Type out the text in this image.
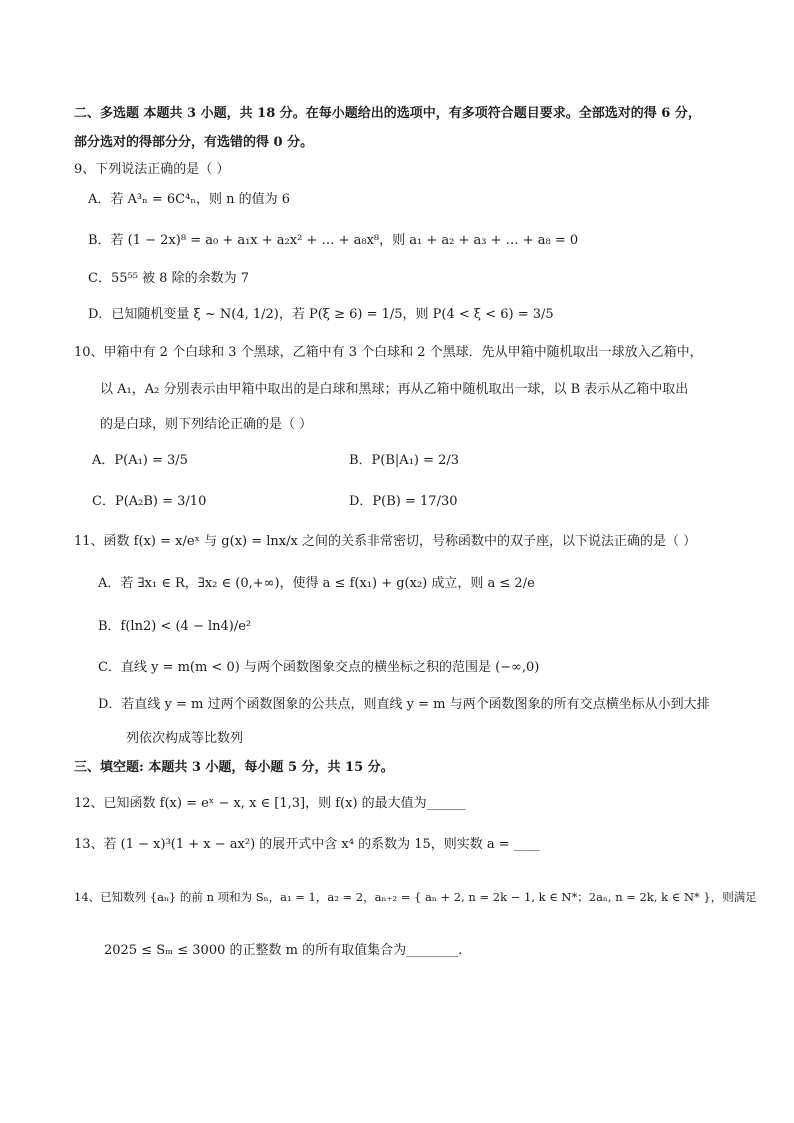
二、多选题 本题共 3 小题，共 18 分。在每小题给出的选项中，有多项符合题目要求。全部选对的得 6 分，
部分选对的得部分分，有选错的得 0 分。
9、下列说法正确的是（ ）
A．若 A³ₙ = 6C⁴ₙ，则 n 的值为 6
B．若 (1 − 2x)⁸ = a₀ + a₁x + a₂x² + … + a₈x⁸，则 a₁ + a₂ + a₃ + … + a₈ = 0
C．55⁵⁵ 被 8 除的余数为 7
D．已知随机变量 ξ ~ N(4, 1/2)，若 P(ξ ≥ 6) = 1/5，则 P(4 < ξ < 6) = 3/5
10、甲箱中有 2 个白球和 3 个黑球，乙箱中有 3 个白球和 2 个黑球．先从甲箱中随机取出一球放入乙箱中，
以 A₁，A₂ 分别表示由甲箱中取出的是白球和黑球；再从乙箱中随机取出一球，以 B 表示从乙箱中取出
的是白球，则下列结论正确的是（ ）
A．P(A₁) = 3/5	B．P(B|A₁) = 2/3
C．P(A₂B) = 3/10	D．P(B) = 17/30
11、函数 f(x) = x/eˣ 与 g(x) = lnx/x 之间的关系非常密切，号称函数中的双子座，以下说法正确的是（ ）
A．若 ∃x₁ ∈ R，∃x₂ ∈ (0,+∞)，使得 a ≤ f(x₁) + g(x₂) 成立，则 a ≤ 2/e
B．f(ln2) < (4 − ln4)/e²
C．直线 y = m(m < 0) 与两个函数图象交点的横坐标之积的范围是 (−∞,0)
D．若直线 y = m 过两个函数图象的公共点，则直线 y = m 与两个函数图象的所有交点横坐标从小到大排
列依次构成等比数列
三、填空题: 本题共 3 小题，每小题 5 分，共 15 分。
12、已知函数 f(x) = eˣ − x, x ∈ [1,3]，则 f(x) 的最大值为______
13、若 (1 − x)³(1 + x − ax²) 的展开式中含 x⁴ 的系数为 15，则实数 a = ____
14、已知数列 {aₙ} 的前 n 项和为 Sₙ，a₁ = 1，a₂ = 2，aₙ₊₂ = { aₙ + 2, n = 2k − 1, k ∈ N*；2aₙ, n = 2k, k ∈ N* }，则满足
2025 ≤ Sₘ ≤ 3000 的正整数 m 的所有取值集合为________.
